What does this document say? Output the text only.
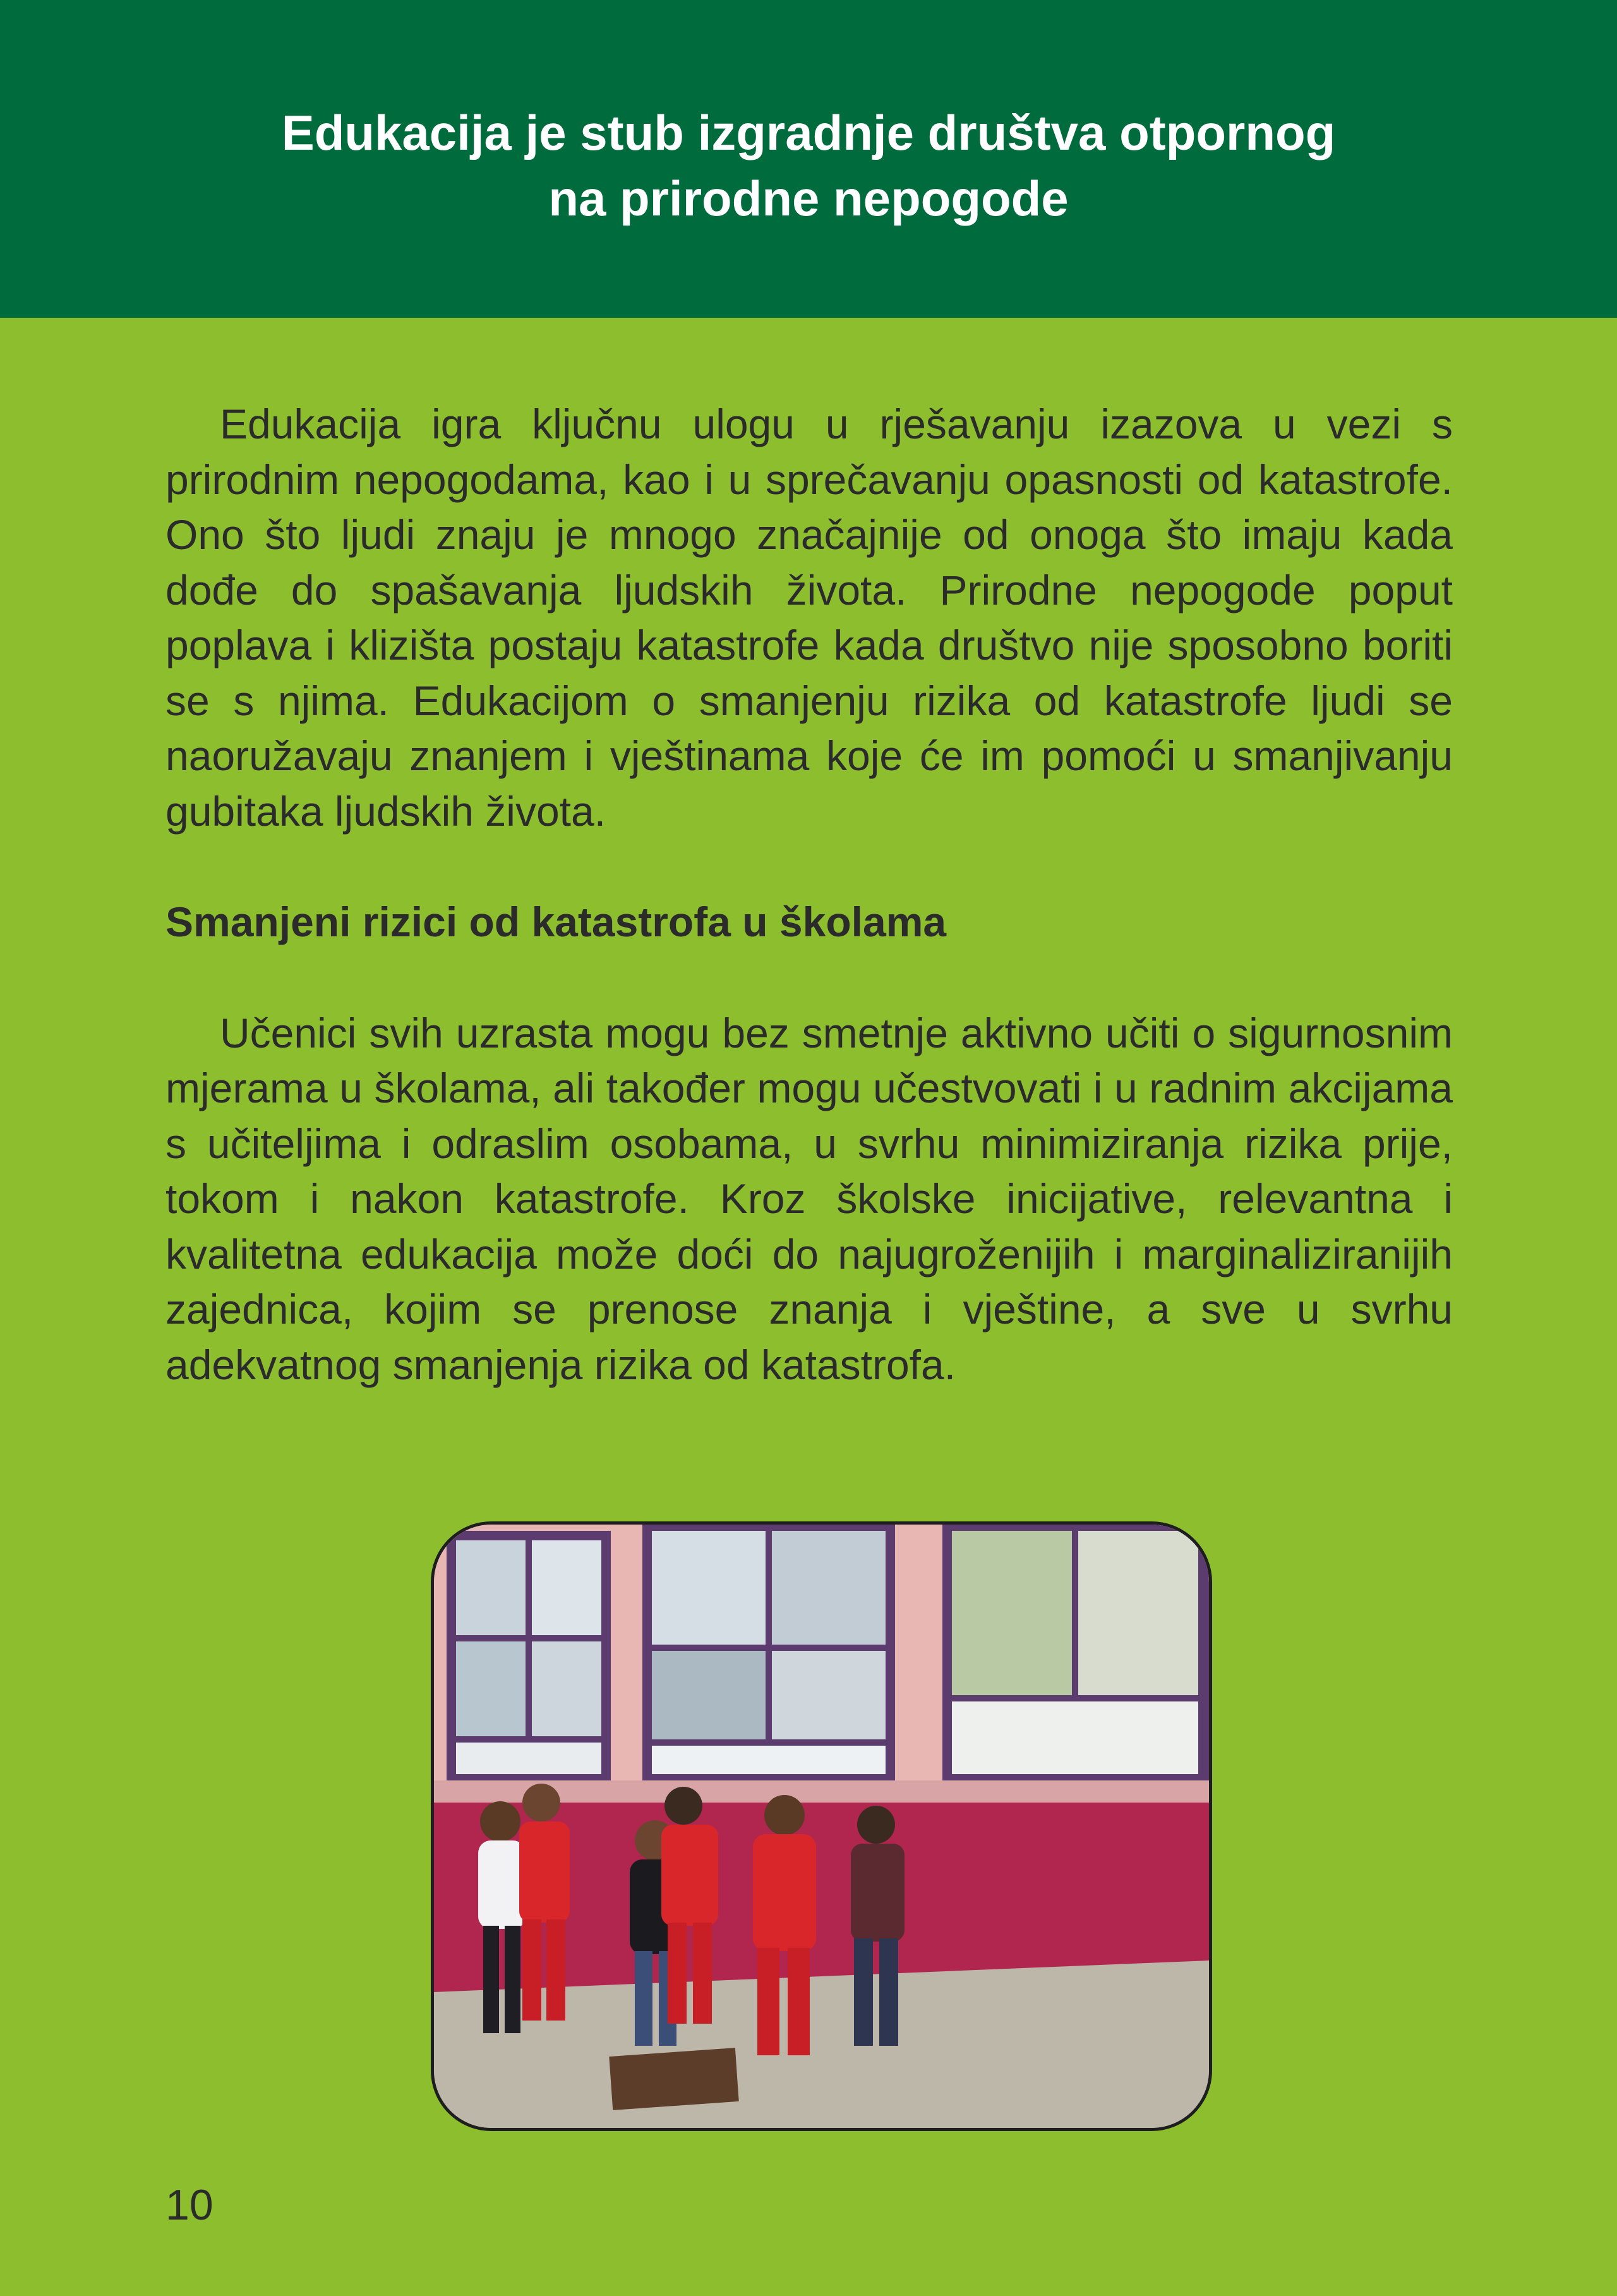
Edukacija je stub izgradnje društva otpornog
na prirodne nepogode

Edukacija igra ključnu ulogu u rješavanju izazova u vezi s prirodnim nepogodama, kao i u sprečavanju opasnosti od katastrofe. Ono što ljudi znaju je mnogo značajnije od onoga što imaju kada dođe do spašavanja ljudskih života. Prirodne nepogode poput poplava i klizišta postaju katastrofe kada društvo nije sposobno boriti se s njima. Edukacijom o smanjenju rizika od katastrofe ljudi se naoružavaju znanjem i vještinama koje će im pomoći u smanjivanju gubitaka ljudskih života.

Smanjeni rizici od katastrofa u školama

Učenici svih uzrasta mogu bez smetnje aktivno učiti o sigurnosnim mjerama u školama, ali također mogu učestvovati i u radnim akcijama s učiteljima i odraslim osobama, u svrhu minimiziranja rizika prije, tokom i nakon katastrofe. Kroz školske inicijative, relevantna i kvalitetna edukacija može doći do najugroženijih i marginaliziranijih zajednica, kojim se prenose znanja i vještine, a sve u svrhu adekvatnog smanjenja rizika od katastrofa.

10
